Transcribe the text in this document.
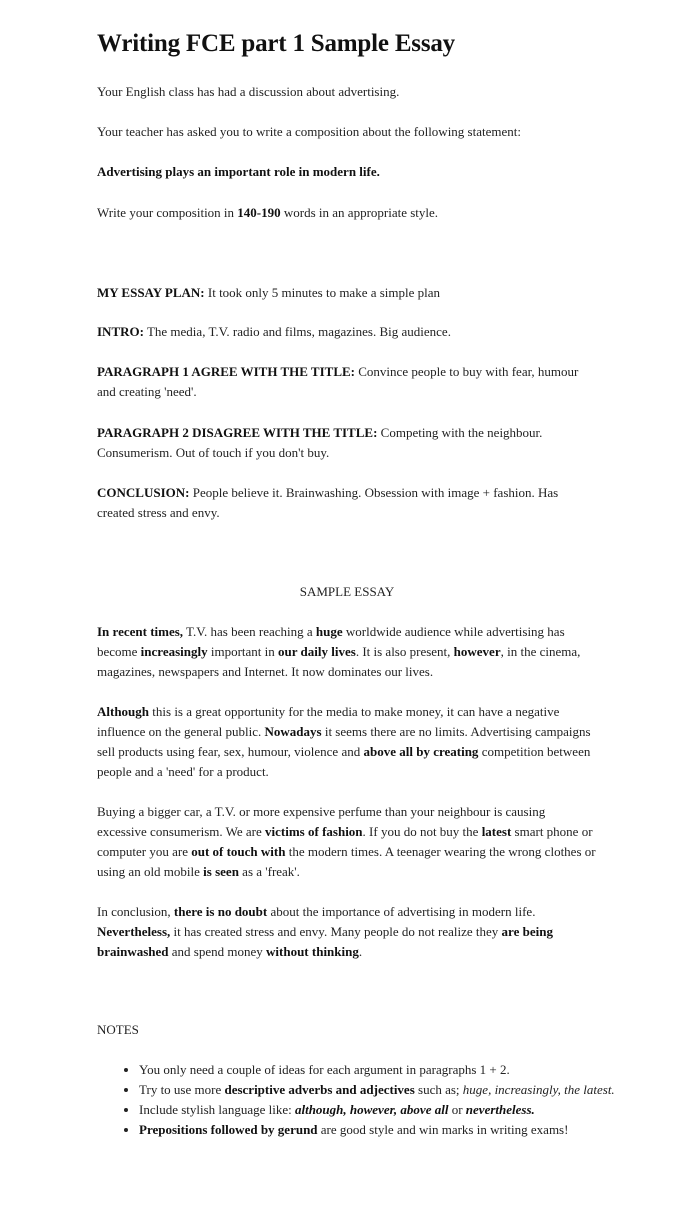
Writing FCE part 1 Sample Essay

Your English class has had a discussion about advertising.

Your teacher has asked you to write a composition about the following statement:

Advertising plays an important role in modern life.

Write your composition in 140-190 words in an appropriate style.

MY ESSAY PLAN: It took only 5 minutes to make a simple plan

INTRO: The media, T.V. radio and films, magazines. Big audience.

PARAGRAPH 1 AGREE WITH THE TITLE: Convince people to buy with fear, humour and creating 'need'.

PARAGRAPH 2 DISAGREE WITH THE TITLE: Competing with the neighbour. Consumerism. Out of touch if you don't buy.

CONCLUSION: People believe it. Brainwashing. Obsession with image + fashion. Has created stress and envy.

SAMPLE ESSAY

In recent times, T.V. has been reaching a huge worldwide audience while advertising has become increasingly important in our daily lives. It is also present, however, in the cinema, magazines, newspapers and Internet. It now dominates our lives.

Although this is a great opportunity for the media to make money, it can have a negative influence on the general public. Nowadays it seems there are no limits. Advertising campaigns sell products using fear, sex, humour, violence and above all by creating competition between people and a 'need' for a product.

Buying a bigger car, a T.V. or more expensive perfume than your neighbour is causing excessive consumerism. We are victims of fashion. If you do not buy the latest smart phone or computer you are out of touch with the modern times. A teenager wearing the wrong clothes or using an old mobile is seen as a 'freak'.

In conclusion, there is no doubt about the importance of advertising in modern life. Nevertheless, it has created stress and envy. Many people do not realize they are being brainwashed and spend money without thinking.

NOTES

• You only need a couple of ideas for each argument in paragraphs 1 + 2.
• Try to use more descriptive adverbs and adjectives such as; huge, increasingly, the latest.
• Include stylish language like: although, however, above all or nevertheless.
• Prepositions followed by gerund are good style and win marks in writing exams!
